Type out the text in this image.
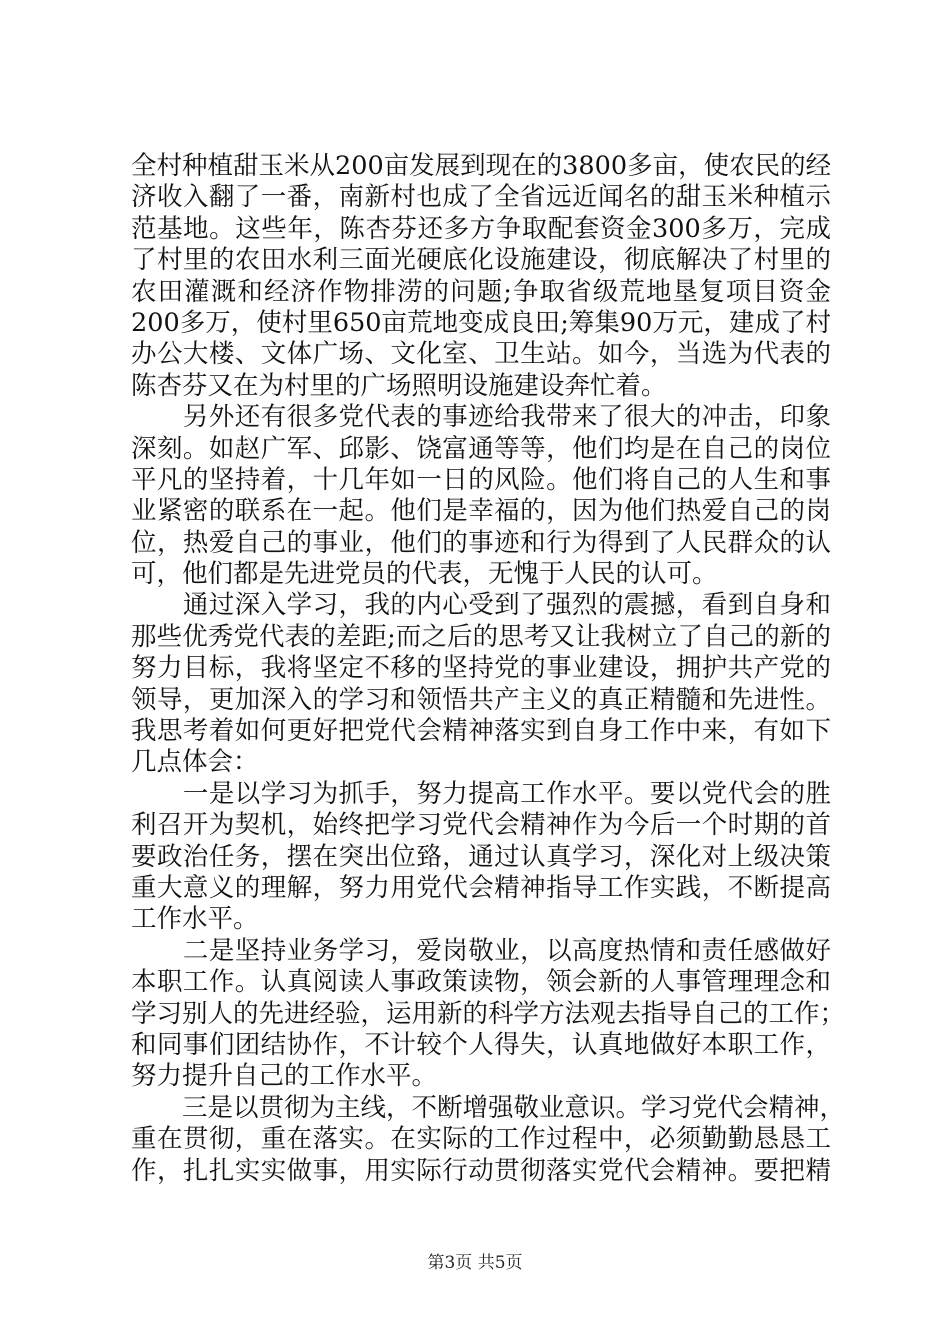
全村种植甜玉米从200亩发展到现在的3800多亩，使农民的经
济收入翻了一番，南新村也成了全省远近闻名的甜玉米种植示
范基地。这些年，陈杏芬还多方争取配套资金300多万，完成
了村里的农田水利三面光硬底化设施建设，彻底解决了村里的
农田灌溉和经济作物排涝的问题;争取省级荒地垦复项目资金
200多万，使村里650亩荒地变成良田;筹集90万元，建成了村
办公大楼、文体广场、文化室、卫生站。如今，当选为代表的
陈杏芬又在为村里的广场照明设施建设奔忙着。
　　另外还有很多党代表的事迹给我带来了很大的冲击，印象
深刻。如赵广军、邱影、饶富通等等，他们均是在自己的岗位
平凡的坚持着，十几年如一日的风险。他们将自己的人生和事
业紧密的联系在一起。他们是幸福的，因为他们热爱自己的岗
位，热爱自己的事业，他们的事迹和行为得到了人民群众的认
可，他们都是先进党员的代表，无愧于人民的认可。
　　通过深入学习，我的内心受到了强烈的震撼，看到自身和
那些优秀党代表的差距;而之后的思考又让我树立了自己的新的
努力目标，我将坚定不移的坚持党的事业建设，拥护共产党的
领导，更加深入的学习和领悟共产主义的真正精髓和先进性。
我思考着如何更好把党代会精神落实到自身工作中来，有如下
几点体会：
　　一是以学习为抓手，努力提高工作水平。要以党代会的胜
利召开为契机，始终把学习党代会精神作为今后一个时期的首
要政治任务，摆在突出位臵，通过认真学习，深化对上级决策
重大意义的理解，努力用党代会精神指导工作实践，不断提高
工作水平。
　　二是坚持业务学习，爱岗敬业，以高度热情和责任感做好
本职工作。认真阅读人事政策读物，领会新的人事管理理念和
学习别人的先进经验，运用新的科学方法观去指导自己的工作；
和同事们团结协作，不计较个人得失，认真地做好本职工作，
努力提升自己的工作水平。
　　三是以贯彻为主线，不断增强敬业意识。学习党代会精神，
重在贯彻，重在落实。在实际的工作过程中，必须勤勤恳恳工
作，扎扎实实做事，用实际行动贯彻落实党代会精神。要把精
第3页 共5页
